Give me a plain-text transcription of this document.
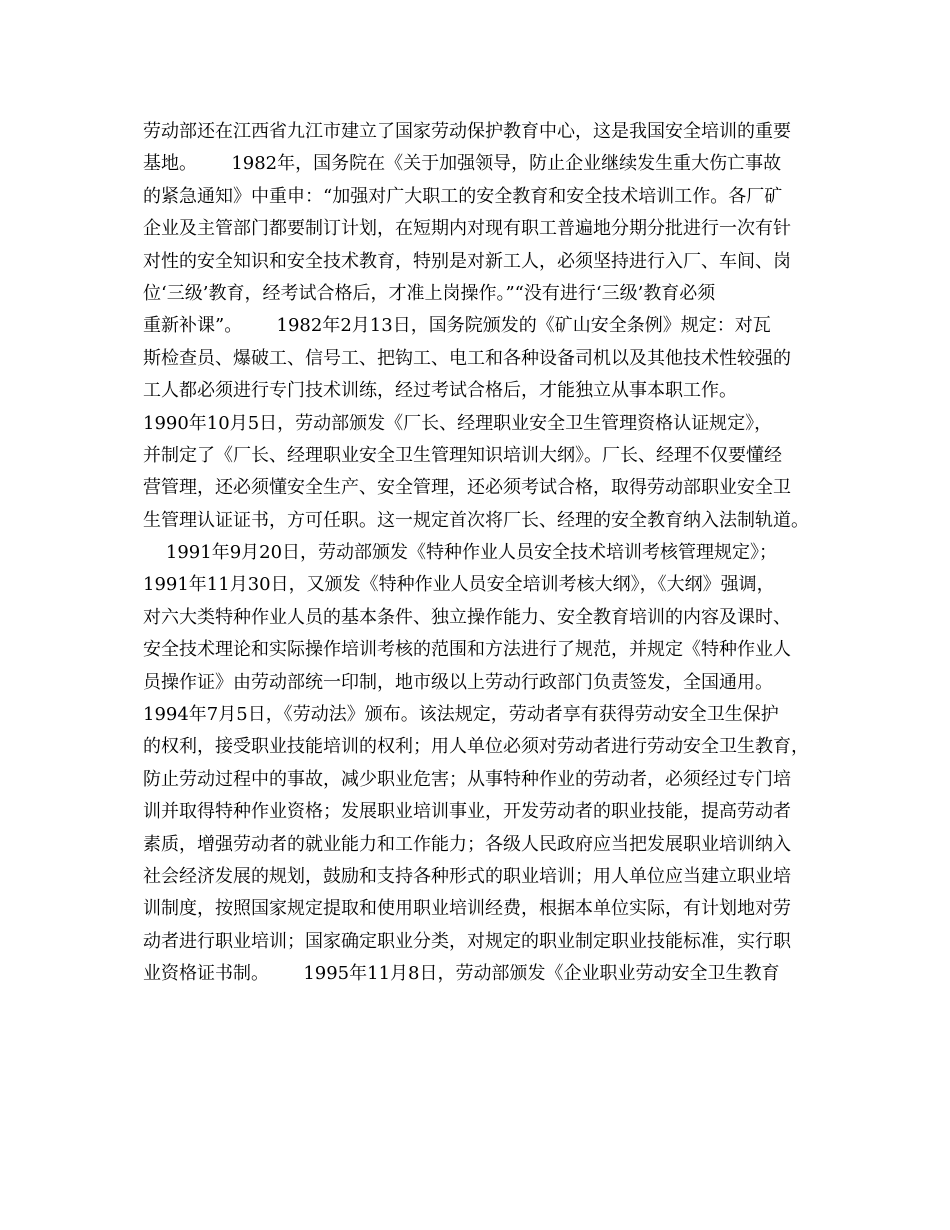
劳动部还在江西省九江市建立了国家劳动保护教育中心，这是我国安全培训的重要
基地。      1982年，国务院在《关于加强领导，防止企业继续发生重大伤亡事故
的紧急通知》中重申：“加强对广大职工的安全教育和安全技术培训工作。各厂矿
企业及主管部门都要制订计划，在短期内对现有职工普遍地分期分批进行一次有针
对性的安全知识和安全技术教育，特别是对新工人，必须坚持进行入厂、车间、岗
位‘三级’教育，经考试合格后，才准上岗操作。”“没有进行‘三级’教育必须
重新补课”。      1982年2月13日，国务院颁发的《矿山安全条例》规定：对瓦
斯检查员、爆破工、信号工、把钩工、电工和各种设备司机以及其他技术性较强的
工人都必须进行专门技术训练，经过考试合格后，才能独立从事本职工作。
1990年10月5日，劳动部颁发《厂长、经理职业安全卫生管理资格认证规定》，
并制定了《厂长、经理职业安全卫生管理知识培训大纲》。厂长、经理不仅要懂经
营管理，还必须懂安全生产、安全管理，还必须考试合格，取得劳动部职业安全卫
生管理认证证书，方可任职。这一规定首次将厂长、经理的安全教育纳入法制轨道。
1991年9月20日，劳动部颁发《特种作业人员安全技术培训考核管理规定》；
1991年11月30日，又颁发《特种作业人员安全培训考核大纲》，《大纲》强调，
对六大类特种作业人员的基本条件、独立操作能力、安全教育培训的内容及课时、
安全技术理论和实际操作培训考核的范围和方法进行了规范，并规定《特种作业人
员操作证》由劳动部统一印制，地市级以上劳动行政部门负责签发，全国通用。
1994年7月5日，《劳动法》颁布。该法规定，劳动者享有获得劳动安全卫生保护
的权利，接受职业技能培训的权利；用人单位必须对劳动者进行劳动安全卫生教育，
防止劳动过程中的事故，减少职业危害；从事特种作业的劳动者，必须经过专门培
训并取得特种作业资格；发展职业培训事业，开发劳动者的职业技能，提高劳动者
素质，增强劳动者的就业能力和工作能力；各级人民政府应当把发展职业培训纳入
社会经济发展的规划，鼓励和支持各种形式的职业培训；用人单位应当建立职业培
训制度，按照国家规定提取和使用职业培训经费，根据本单位实际，有计划地对劳
动者进行职业培训；国家确定职业分类，对规定的职业制定职业技能标准，实行职
业资格证书制。      1995年11月8日，劳动部颁发《企业职业劳动安全卫生教育
